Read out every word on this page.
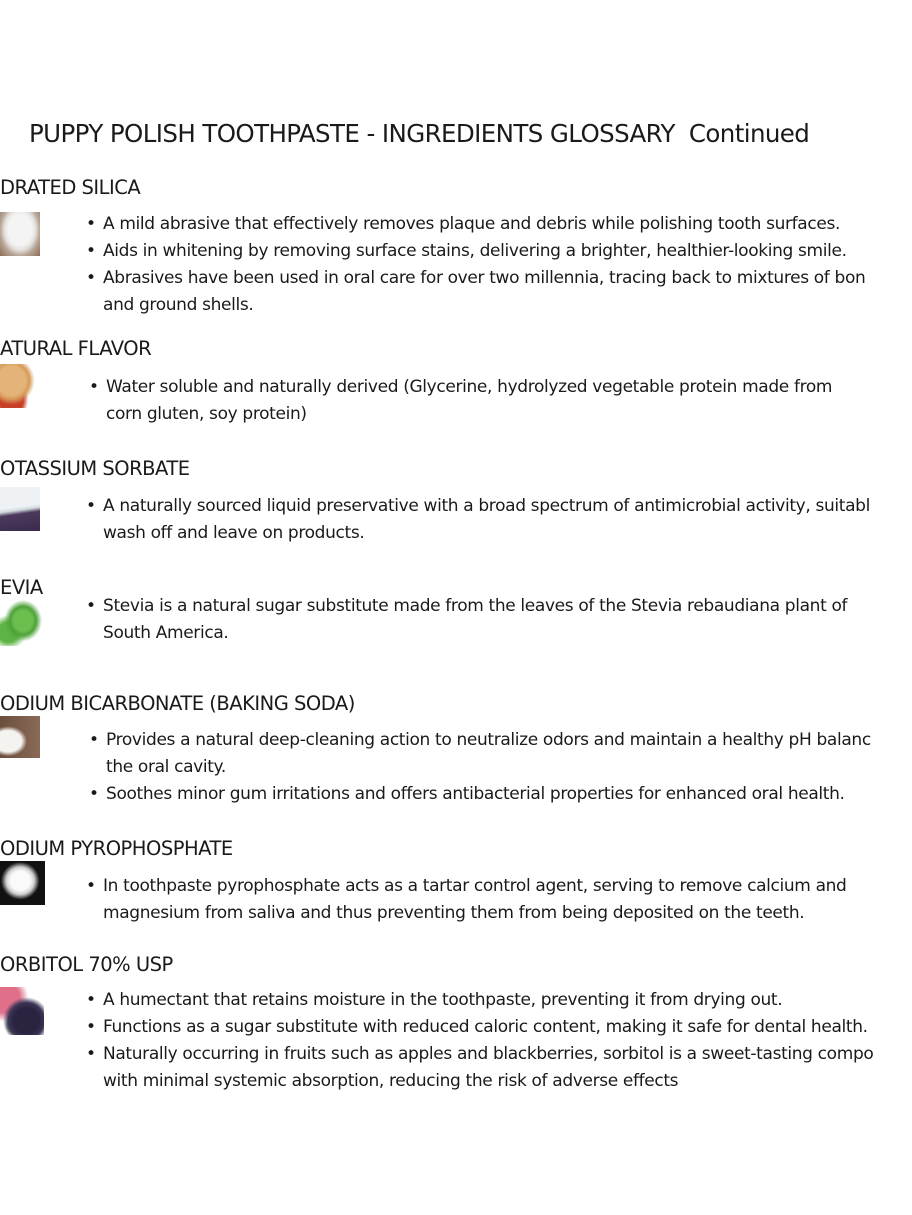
PUPPY POLISH TOOTHPASTE - INGREDIENTS GLOSSARY Continued
DRATED SILICA
• A mild abrasive that effectively removes plaque and debris while polishing tooth surfaces.
• Aids in whitening by removing surface stains, delivering a brighter, healthier-looking smile.
• Abrasives have been used in oral care for over two millennia, tracing back to mixtures of bon
and ground shells.
ATURAL FLAVOR
• Water soluble and naturally derived (Glycerine, hydrolyzed vegetable protein made from
corn gluten, soy protein)
OTASSIUM SORBATE
• A naturally sourced liquid preservative with a broad spectrum of antimicrobial activity, suitabl
wash off and leave on products.
EVIA
• Stevia is a natural sugar substitute made from the leaves of the Stevia rebaudiana plant of
South America.
ODIUM BICARBONATE (BAKING SODA)
• Provides a natural deep-cleaning action to neutralize odors and maintain a healthy pH balanc
the oral cavity.
• Soothes minor gum irritations and offers antibacterial properties for enhanced oral health.
ODIUM PYROPHOSPHATE
• In toothpaste pyrophosphate acts as a tartar control agent, serving to remove calcium and
magnesium from saliva and thus preventing them from being deposited on the teeth.
ORBITOL 70% USP
• A humectant that retains moisture in the toothpaste, preventing it from drying out.
• Functions as a sugar substitute with reduced caloric content, making it safe for dental health.
• Naturally occurring in fruits such as apples and blackberries, sorbitol is a sweet-tasting compo
with minimal systemic absorption, reducing the risk of adverse effects
